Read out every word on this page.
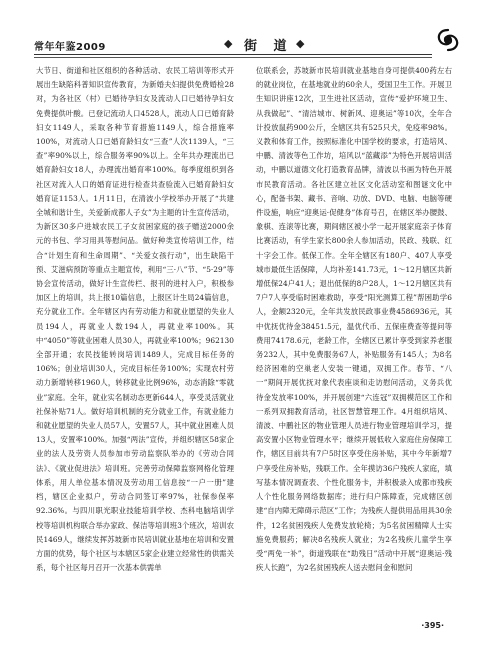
常年年鉴2009	◆ 街 道 ◆

大节日、街道和社区组织的各种活动、农民工培训等形式开展出生缺陷科普知识宣传教育，为新婚夫妇提供免费婚检28对，为各社区（村）已婚待孕妇女及流动人口已婚待孕妇女免费提供叶酸。已登记流动人口4528人，流动人口已婚育龄妇女1149人，采取各种节育措施1149人，综合措施率100%，对流动人口已婚育龄妇女“三查”人次1139人，“三查”率90%以上，综合服务率90%以上。全年共办理流出已婚育龄妇女18人，办理流出婚育率100%。每季度组织到各社区对流入人口的婚育证进行检查共查验流入已婚育龄妇女婚育证1153人。1月11日，在清波小学校举办开展了“共建全城和谐计生，关爱新成都人子女”为主题的计生宣传活动，为新区30多户进城农民工子女贫困家庭的孩子赠送2000余元的书包、学习用具等慰问品。做好种类宣传培训工作，结合“计划生育和生命周期”、“关爱女孩行动”，出生缺陷干预、艾滋病预防等重点主题宣传，利用“三·八”节、“5·29”等协会宣传活动，做好计生宣传栏、报刊的进村入户，积极参加区上的培训，共上报10篇信息，上报区计生局24篇信息，充分就业工作。全年辖区内有劳动能力和就业愿望的失业人员194人，再就业人数194人，再就业率100%。其中“4050”等就业困难人员30人，再就业率100%；962130全部开通；农民技能转岗培训1489人，完成目标任务的106%；创业培训30人，完成目标任务100%；实现农村劳动力新增转移1960人，转移就业比例96%，动态消除“零就业”家庭。全年，就业实名制动态更新644人，享受灵活就业社保补贴71人。做好培训机制的充分就业工作，有就业能力和就业愿望的失业人员57人，安置57人，其中就业困难人员13人，安置率100%。加强“两法”宣传，并组织辖区58家企业的法人及劳资人员参加市劳动监察队举办的《劳动合同法》、《就业促进法》培训班。完善劳动保障监察网格化管理体系，用人单位基本情况及劳动用工信息按“一户一册”建档，辖区企业拟户，劳动合同签订率97%，社保参保率92.36%。与四川职光职业技能培训学校、杰科电脑培训学校等培训机构联合举办家政、保洁等培训班3个班次，培训农民1469人，继续发挥苏坡新市民培训就业基地在培训和安置方面的优势，每个社区与本辖区5家企业建立经常性的供需关系，每个社区每月召开一次基本供需单

位联系会，苏坡新市民培训就业基地自身可提供400药左右的就业岗位，在基地就业的60余人，受国卫生工作。开展卫生知识讲座12次，卫生进社区活动，宣传“爱护环境卫生、从我做起”、“清洁城市、树新风、迎奥运”等10次，全年合计投放鼠药900公斤，全辖区共有525只犬，免疫率98%。义教和体育工作，按照标准化中国学校的要求，打造培风、中鹏、清波等色工作坊，培风以“蓝藏添”为特色开展培训活动，中鹏以道德文化打造教育品牌，清波以书画为特色开展市民教育活动。各社区建立社区文化活动室和图谜文化中心，配备书架、藏书、音响、功放、DVD、电脑、电脑等硬件设施，响应“迎奥运·促健身”体育号召，在辖区举办腰鼓、象棋、连滚等比赛，期间辖区被小学一起开展家庭亲子体育比赛活动，有学生家长800余人参加活动，民政、残联、红十字会工作。低保工作。全年全辖区有180户、407人享受城市最低生活保障，人均补差141.73元，1～12月辖区共新增低保24户41人；退出低保的8户28人，1～12月辖区共有7户7人享受临时困难救助，享受“阳光测算工程”帮困助学6人，金额2320元，全年共发放民政事业费4586936元，其中优抚优待金38451.5元，温优代币、五保座费查等提问等费用74178.6元，老龄工作，全辖区已累计享受到家养老服务232人，其中免费服务67人，补贴服务有145人；为8名经济困难的空巢老人安装一键通，双拥工作。春节、“八一”期间开展优抚对象代表座谈和走访慰问活动，义务兵优待金发放率100%，并开展创建“六连冠”双拥模范区工作和一系列双拥教育活动，社区智慧管理工作。4月组织培风、清波、中鹏社区的物业管理人员进行物业管理培训学习，提高安置小区物业管理水平；继续开展低收入家庭住房保障工作，辖区目前共有7户5时区享受住房补贴，其中今年新增7户享受住房补贴，残联工作。全年摸访36户残疾人家庭，填写基本情况调查表、个性化服务卡，并积极录入成都市残疾人个性化服务网络数据库；进行归户陈障查，完成辖区创建“自内障无障碍示范区”工作；为残疾人提供用品用具30余件，12名贫困残疾人免费发放轮椅；为5名贫困精障人士实施免费服药；解决8名残疾人就业；为2名残疾儿童学生享受“两免一补”，街道残联在“助残日”活动中开展“迎奥运·残疾人长跑”，为2名贫困残疾人送去慰问金和慰问

·395·
